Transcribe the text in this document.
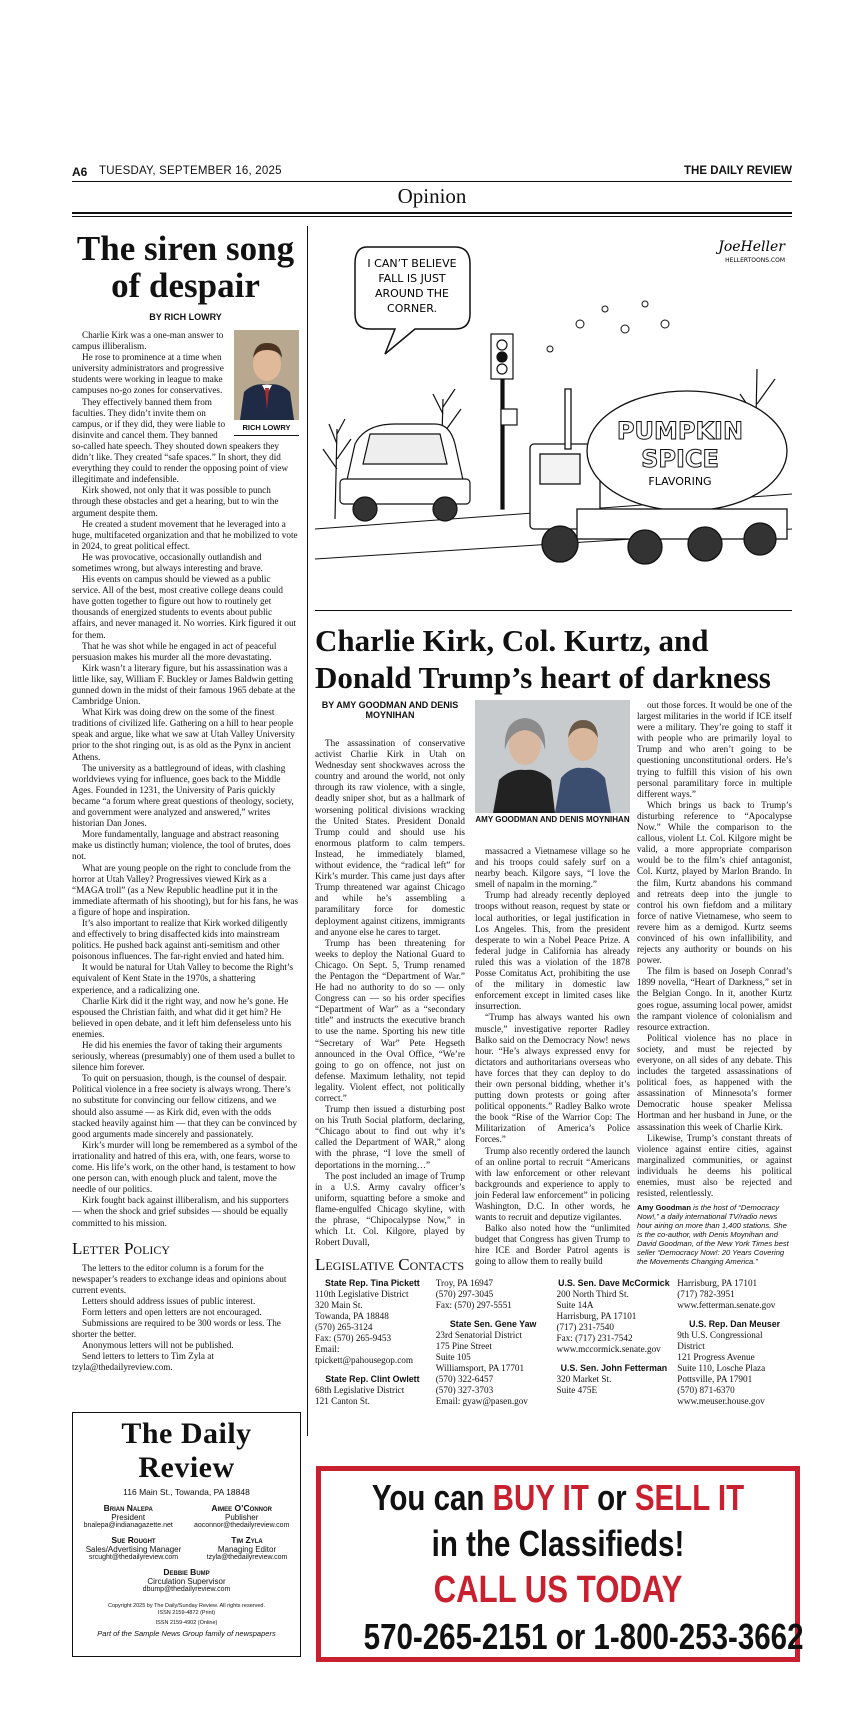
A6 TUESDAY, SEPTEMBER 16, 2025	THE DAILY REVIEW
Opinion
The siren song of despair
BY RICH LOWRY
RICH LOWRY

Charlie Kirk was a one-man answer to campus illiberalism.

He rose to prominence at a time when university administrators and progressive students were working in league to make campuses no-go zones for conservatives.

They effectively banned them from faculties. They didn’t invite them on campus, or if they did, they were liable to disinvite and cancel them. They banned so-called hate speech. They shouted down speakers they didn’t like. They created “safe spaces.” In short, they did everything they could to render the opposing point of view illegitimate and indefensible.

Kirk showed, not only that it was possible to punch through these obstacles and get a hearing, but to win the argument despite them.

He created a student movement that he leveraged into a huge, multifaceted organization and that he mobilized to vote in 2024, to great political effect.

He was provocative, occasionally outlandish and sometimes wrong, but always interesting and brave.

His events on campus should be viewed as a public service. All of the best, most creative college deans could have gotten together to figure out how to routinely get thousands of energized students to events about public affairs, and never managed it. No worries. Kirk figured it out for them.

That he was shot while he engaged in act of peaceful persuasion makes his murder all the more devastating.

Kirk wasn’t a literary figure, but his assassination was a little like, say, William F. Buckley or James Baldwin getting gunned down in the midst of their famous 1965 debate at the Cambridge Union.

What Kirk was doing drew on the some of the finest traditions of civilized life. Gathering on a hill to hear people speak and argue, like what we saw at Utah Valley University prior to the shot ringing out, is as old as the Pynx in ancient Athens.

The university as a battleground of ideas, with clashing worldviews vying for influence, goes back to the Middle Ages. Founded in 1231, the University of Paris quickly became “a forum where great questions of theology, society, and government were analyzed and answered,” writes historian Dan Jones.

More fundamentally, language and abstract reasoning make us distinctly human; violence, the tool of brutes, does not.

What are young people on the right to conclude from the horror at Utah Valley? Progressives viewed Kirk as a “MAGA troll” (as a New Republic headline put it in the immediate aftermath of his shooting), but for his fans, he was a figure of hope and inspiration.

It’s also important to realize that Kirk worked diligently and effectively to bring disaffected kids into mainstream politics. He pushed back against anti-semitism and other poisonous influences. The far-right envied and hated him.

It would be natural for Utah Valley to become the Right’s equivalent of Kent State in the 1970s, a shattering experience, and a radicalizing one.

Charlie Kirk did it the right way, and now he’s gone. He espoused the Christian faith, and what did it get him? He believed in open debate, and it left him defenseless unto his enemies.

He did his enemies the favor of taking their arguments seriously, whereas (presumably) one of them used a bullet to silence him forever.

To quit on persuasion, though, is the counsel of despair. Political violence in a free society is always wrong. There’s no substitute for convincing our fellow citizens, and we should also assume — as Kirk did, even with the odds stacked heavily against him — that they can be convinced by good arguments made sincerely and passionately.

Kirk’s murder will long be remembered as a symbol of the irrationality and hatred of this era, with, one fears, worse to come. His life’s work, on the other hand, is testament to how one person can, with enough pluck and talent, move the needle of our politics.

Kirk fought back against illiberalism, and his supporters — when the shock and grief subsides — should be equally committed to his mission.

Letter Policy

The letters to the editor column is a forum for the newspaper’s readers to exchange ideas and opinions about current events.

Letters should address issues of public interest.

Form letters and open letters are not encouraged.

Submissions are required to be 300 words or less. The shorter the better.

Anonymous letters will not be published.

Send letters to letters to Tim Zyla at tzyla@thedailyreview.com.

I CAN’T BELIEVE
FALL IS JUST
AROUND THE
CORNER.
PUMPKIN
SPICE
FLAVORING
JoeHeller
HELLERTOONS.COM
Charlie Kirk, Col. Kurtz, and Donald Trump’s heart of darkness
BY AMY GOODMAN AND DENIS MOYNIHAN

The assassination of conservative activist Charlie Kirk in Utah on Wednesday sent shockwaves across the country and around the world, not only through its raw violence, with a single, deadly sniper shot, but as a hallmark of worsening political divisions wracking the United States. President Donald Trump could and should use his enormous platform to calm tempers. Instead, he immediately blamed, without evidence, the “radical left” for Kirk’s murder. This came just days after Trump threatened war against Chicago and while he’s assembling a paramilitary force for domestic deployment against citizens, immigrants and anyone else he cares to target.

Trump has been threatening for weeks to deploy the National Guard to Chicago. On Sept. 5, Trump renamed the Pentagon the “Department of War.” He had no authority to do so — only Congress can — so his order specifies “Department of War” as a “secondary title” and instructs the executive branch to use the name. Sporting his new title “Secretary of War” Pete Hegseth announced in the Oval Office, “We’re going to go on offence, not just on defense. Maximum lethality, not tepid legality. Violent effect, not politically correct.”

Trump then issued a disturbing post on his Truth Social platform, declaring, “Chicago about to find out why it’s called the Department of WAR,” along with the phrase, “I love the smell of deportations in the morning…”

The post included an image of Trump in a U.S. Army cavalry officer’s uniform, squatting before a smoke and flame-engulfed Chicago skyline, with the phrase, “Chipocalypse Now,” in which Lt. Col. Kilgore, played by Robert Duvall,

AMY GOODMAN AND DENIS MOYNIHAN

massacred a Vietnamese village so he and his troops could safely surf on a nearby beach. Kilgore says, “I love the smell of napalm in the morning.”

Trump had already recently deployed troops without reason, request by state or local authorities, or legal justification in Los Angeles. This, from the president desperate to win a Nobel Peace Prize. A federal judge in California has already ruled this was a violation of the 1878 Posse Comitatus Act, prohibiting the use of the military in domestic law enforcement except in limited cases like insurrection.

“Trump has always wanted his own muscle,” investigative reporter Radley Balko said on the Democracy Now! news hour. “He’s always expressed envy for dictators and authoritarians overseas who have forces that they can deploy to do their own personal bidding, whether it’s putting down protests or going after political opponents.” Radley Balko wrote the book “Rise of the Warrior Cop: The Militarization of America’s Police Forces.”

Trump also recently ordered the launch of an online portal to recruit “Americans with law enforcement or other relevant backgrounds and experience to apply to join Federal law enforcement” in policing Washington, D.C. In other words, he wants to recruit and deputize vigilantes.

Balko also noted how the “unlimited budget that Congress has given Trump to hire ICE and Border Patrol agents is going to allow them to really build

out those forces. It would be one of the largest militaries in the world if ICE itself were a military. They’re going to staff it with people who are primarily loyal to Trump and who aren’t going to be questioning unconstitutional orders. He’s trying to fulfill this vision of his own personal paramilitary force in multiple different ways.”

Which brings us back to Trump’s disturbing reference to “Apocalypse Now.” While the comparison to the callous, violent Lt. Col. Kilgore might be valid, a more appropriate comparison would be to the film’s chief antagonist, Col. Kurtz, played by Marlon Brando. In the film, Kurtz abandons his command and retreats deep into the jungle to control his own fiefdom and a military force of native Vietnamese, who seem to revere him as a demigod. Kurtz seems convinced of his own infallibility, and rejects any authority or bounds on his power.

The film is based on Joseph Conrad’s 1899 novella, “Heart of Darkness,” set in the Belgian Congo. In it, another Kurtz goes rogue, assuming local power, amidst the rampant violence of colonialism and resource extraction.

Political violence has no place in society, and must be rejected by everyone, on all sides of any debate. This includes the targeted assassinations of political foes, as happened with the assassination of Minnesota’s former Democratic house speaker Melissa Hortman and her husband in June, or the assassination this week of Charlie Kirk.

Likewise, Trump’s constant threats of violence against entire cities, against marginalized communities, or against individuals he deems his political enemies, must also be rejected and resisted, relentlessly.

Amy Goodman is the host of “Democracy Now!,” a daily international TV/radio news hour airing on more than 1,400 stations. She is the co-author, with Denis Moynihan and David Goodman, of the New York Times best seller “Democracy Now!: 20 Years Covering the Movements Changing America.”
Legislative Contacts
State Rep. Tina Pickett
110th Legislative District
320 Main St.
Towanda, PA 18848
(570) 265-3124
Fax: (570) 265-9453
Email: tpickett@pahousegop.com
State Rep. Clint Owlett
68th Legislative District
121 Canton St.
Troy, PA 16947
(570) 297-3045
Fax: (570) 297-5551
State Sen. Gene Yaw
23rd Senatorial District
175 Pine Street
Suite 105
Williamsport, PA 17701
(570) 322-6457
(570) 327-3703
Email: gyaw@pasen.gov
U.S. Sen. Dave McCormick
200 North Third St.
Suite 14A
Harrisburg, PA 17101
(717) 231-7540
Fax: (717) 231-7542
www.mccormick.senate.gov
U.S. Sen. John Fetterman
320 Market St.
Suite 475E
Harrisburg, PA 17101
(717) 782-3951
www.fetterman.senate.gov
U.S. Rep. Dan Meuser
9th U.S. Congressional District
121 Progress Avenue
Suite 110, Losche Plaza
Pottsville, PA 17901
(570) 871-6370
www.meuser.house.gov
The Daily Review
116 Main St., Towanda, PA 18848
Brian Nalepa
President
bnalepa@indianagazette.net
Aimee O’Connor
Publisher
aoconnor@thedailyreview.com
Sue Rought
Sales/Advertising Manager
srcught@thedailyreview.com
Tim Zyla
Managing Editor
tzyla@thedailyreview.com
Debbie Bump
Circulation Supervisor
dbump@thedailyreview.com
Copyright 2025 by The Daily/Sunday Review. All rights reserved.
ISSN 2159-4872 (Print)
ISSN 2159-4902 (Online)
Part of the Sample News Group family of newspapers
You can BUY IT or SELL IT
in the Classifieds!
CALL US TODAY
570-265-2151 or 1-800-253-3662
